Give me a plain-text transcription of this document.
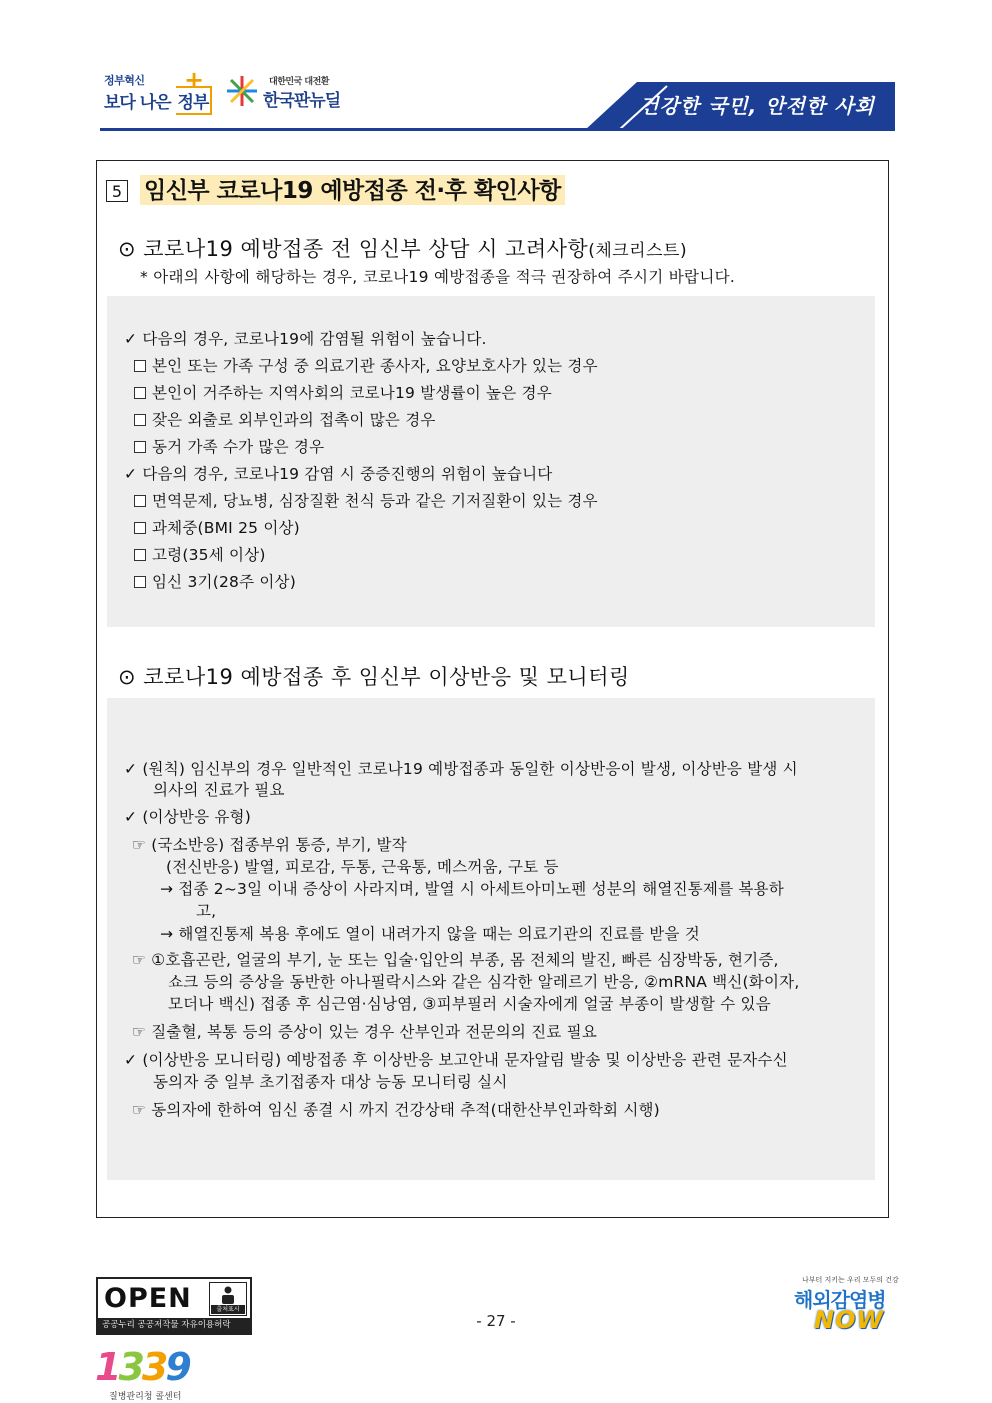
정부혁신
보다 나은 정부
+	대한민국 대전환
한국판뉴딜	건강한 국민, 안전한 사회
5 임신부 코로나19 예방접종 전·후 확인사항
⊙ 코로나19 예방접종 전 임신부 상담 시 고려사항(체크리스트)
* 아래의 사항에 해당하는 경우, 코로나19 예방접종을 적극 권장하여 주시기 바랍니다.
✓ 다음의 경우, 코로나19에 감염될 위험이 높습니다.
본인 또는 가족 구성 중 의료기관 종사자, 요양보호사가 있는 경우
본인이 거주하는 지역사회의 코로나19 발생률이 높은 경우
잦은 외출로 외부인과의 접촉이 많은 경우
동거 가족 수가 많은 경우
✓ 다음의 경우, 코로나19 감염 시 중증진행의 위험이 높습니다
면역문제, 당뇨병, 심장질환 천식 등과 같은 기저질환이 있는 경우
과체중(BMI 25 이상)
고령(35세 이상)
임신 3기(28주 이상)
⊙ 코로나19 예방접종 후 임신부 이상반응 및 모니터링
✓ (원칙) 임신부의 경우 일반적인 코로나19 예방접종과 동일한 이상반응이 발생, 이상반응 발생 시
의사의 진료가 필요
✓ (이상반응 유형)
☞ (국소반응) 접종부위 통증, 부기, 발작
(전신반응) 발열, 피로감, 두통, 근육통, 메스꺼움, 구토 등
→ 접종 2~3일 이내 증상이 사라지며, 발열 시 아세트아미노펜 성분의 해열진통제를 복용하
고,
→ 해열진통제 복용 후에도 열이 내려가지 않을 때는 의료기관의 진료를 받을 것
☞ ①호흡곤란, 얼굴의 부기, 눈 또는 입술·입안의 부종, 몸 전체의 발진, 빠른 심장박동, 현기증,
쇼크 등의 증상을 동반한 아나필락시스와 같은 심각한 알레르기 반응, ②mRNA 백신(화이자,
모더나 백신) 접종 후 심근염·심낭염, ③피부필러 시술자에게 얼굴 부종이 발생할 수 있음
☞ 질출혈, 복통 등의 증상이 있는 경우 산부인과 전문의의 진료 필요
✓ (이상반응 모니터링) 예방접종 후 이상반응 보고안내 문자알림 발송 및 이상반응 관련 문자수신
동의자 중 일부 초기접종자 대상 능동 모니터링 실시
☞ 동의자에 한하여 임신 종결 시 까지 건강상태 추적(대한산부인과학회 시행)
OPEN	출처표시
공공누리 공공저작물 자유이용허락	- 27 -
1339
질병관리청 콜센터
나부터 지키는 우리 모두의 건강
해외감염병
NOW
